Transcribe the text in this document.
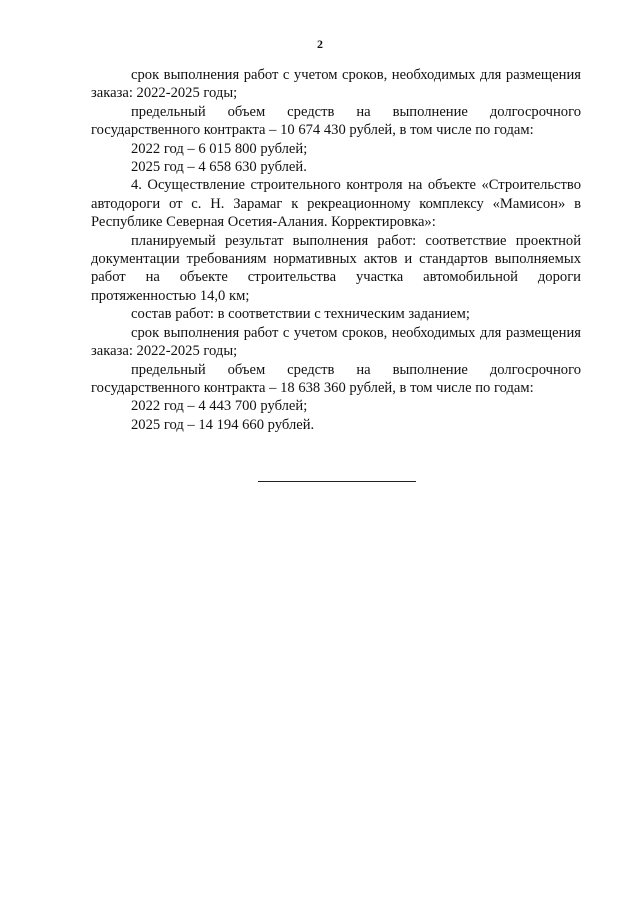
2

срок выполнения работ с учетом сроков, необходимых для размещения заказа: 2022-2025 годы;

предельный объем средств на выполнение долгосрочного государственного контракта – 10 674 430 рублей, в том числе по годам:

2022 год – 6 015 800 рублей;

2025 год – 4 658 630 рублей.

4. Осуществление строительного контроля на объекте «Строительство автодороги от с. Н. Зарамаг к рекреационному комплексу «Мамисон» в Республике Северная Осетия-Алания. Корректировка»:

планируемый результат выполнения работ: соответствие проектной документации требованиям нормативных актов и стандартов выполняемых работ на объекте строительства участка автомобильной дороги протяженностью 14,0 км;

состав работ: в соответствии с техническим заданием;

срок выполнения работ с учетом сроков, необходимых для размещения заказа: 2022-2025 годы;

предельный объем средств на выполнение долгосрочного государственного контракта – 18 638 360 рублей, в том числе по годам:

2022 год – 4 443 700 рублей;

2025 год – 14 194 660 рублей.
